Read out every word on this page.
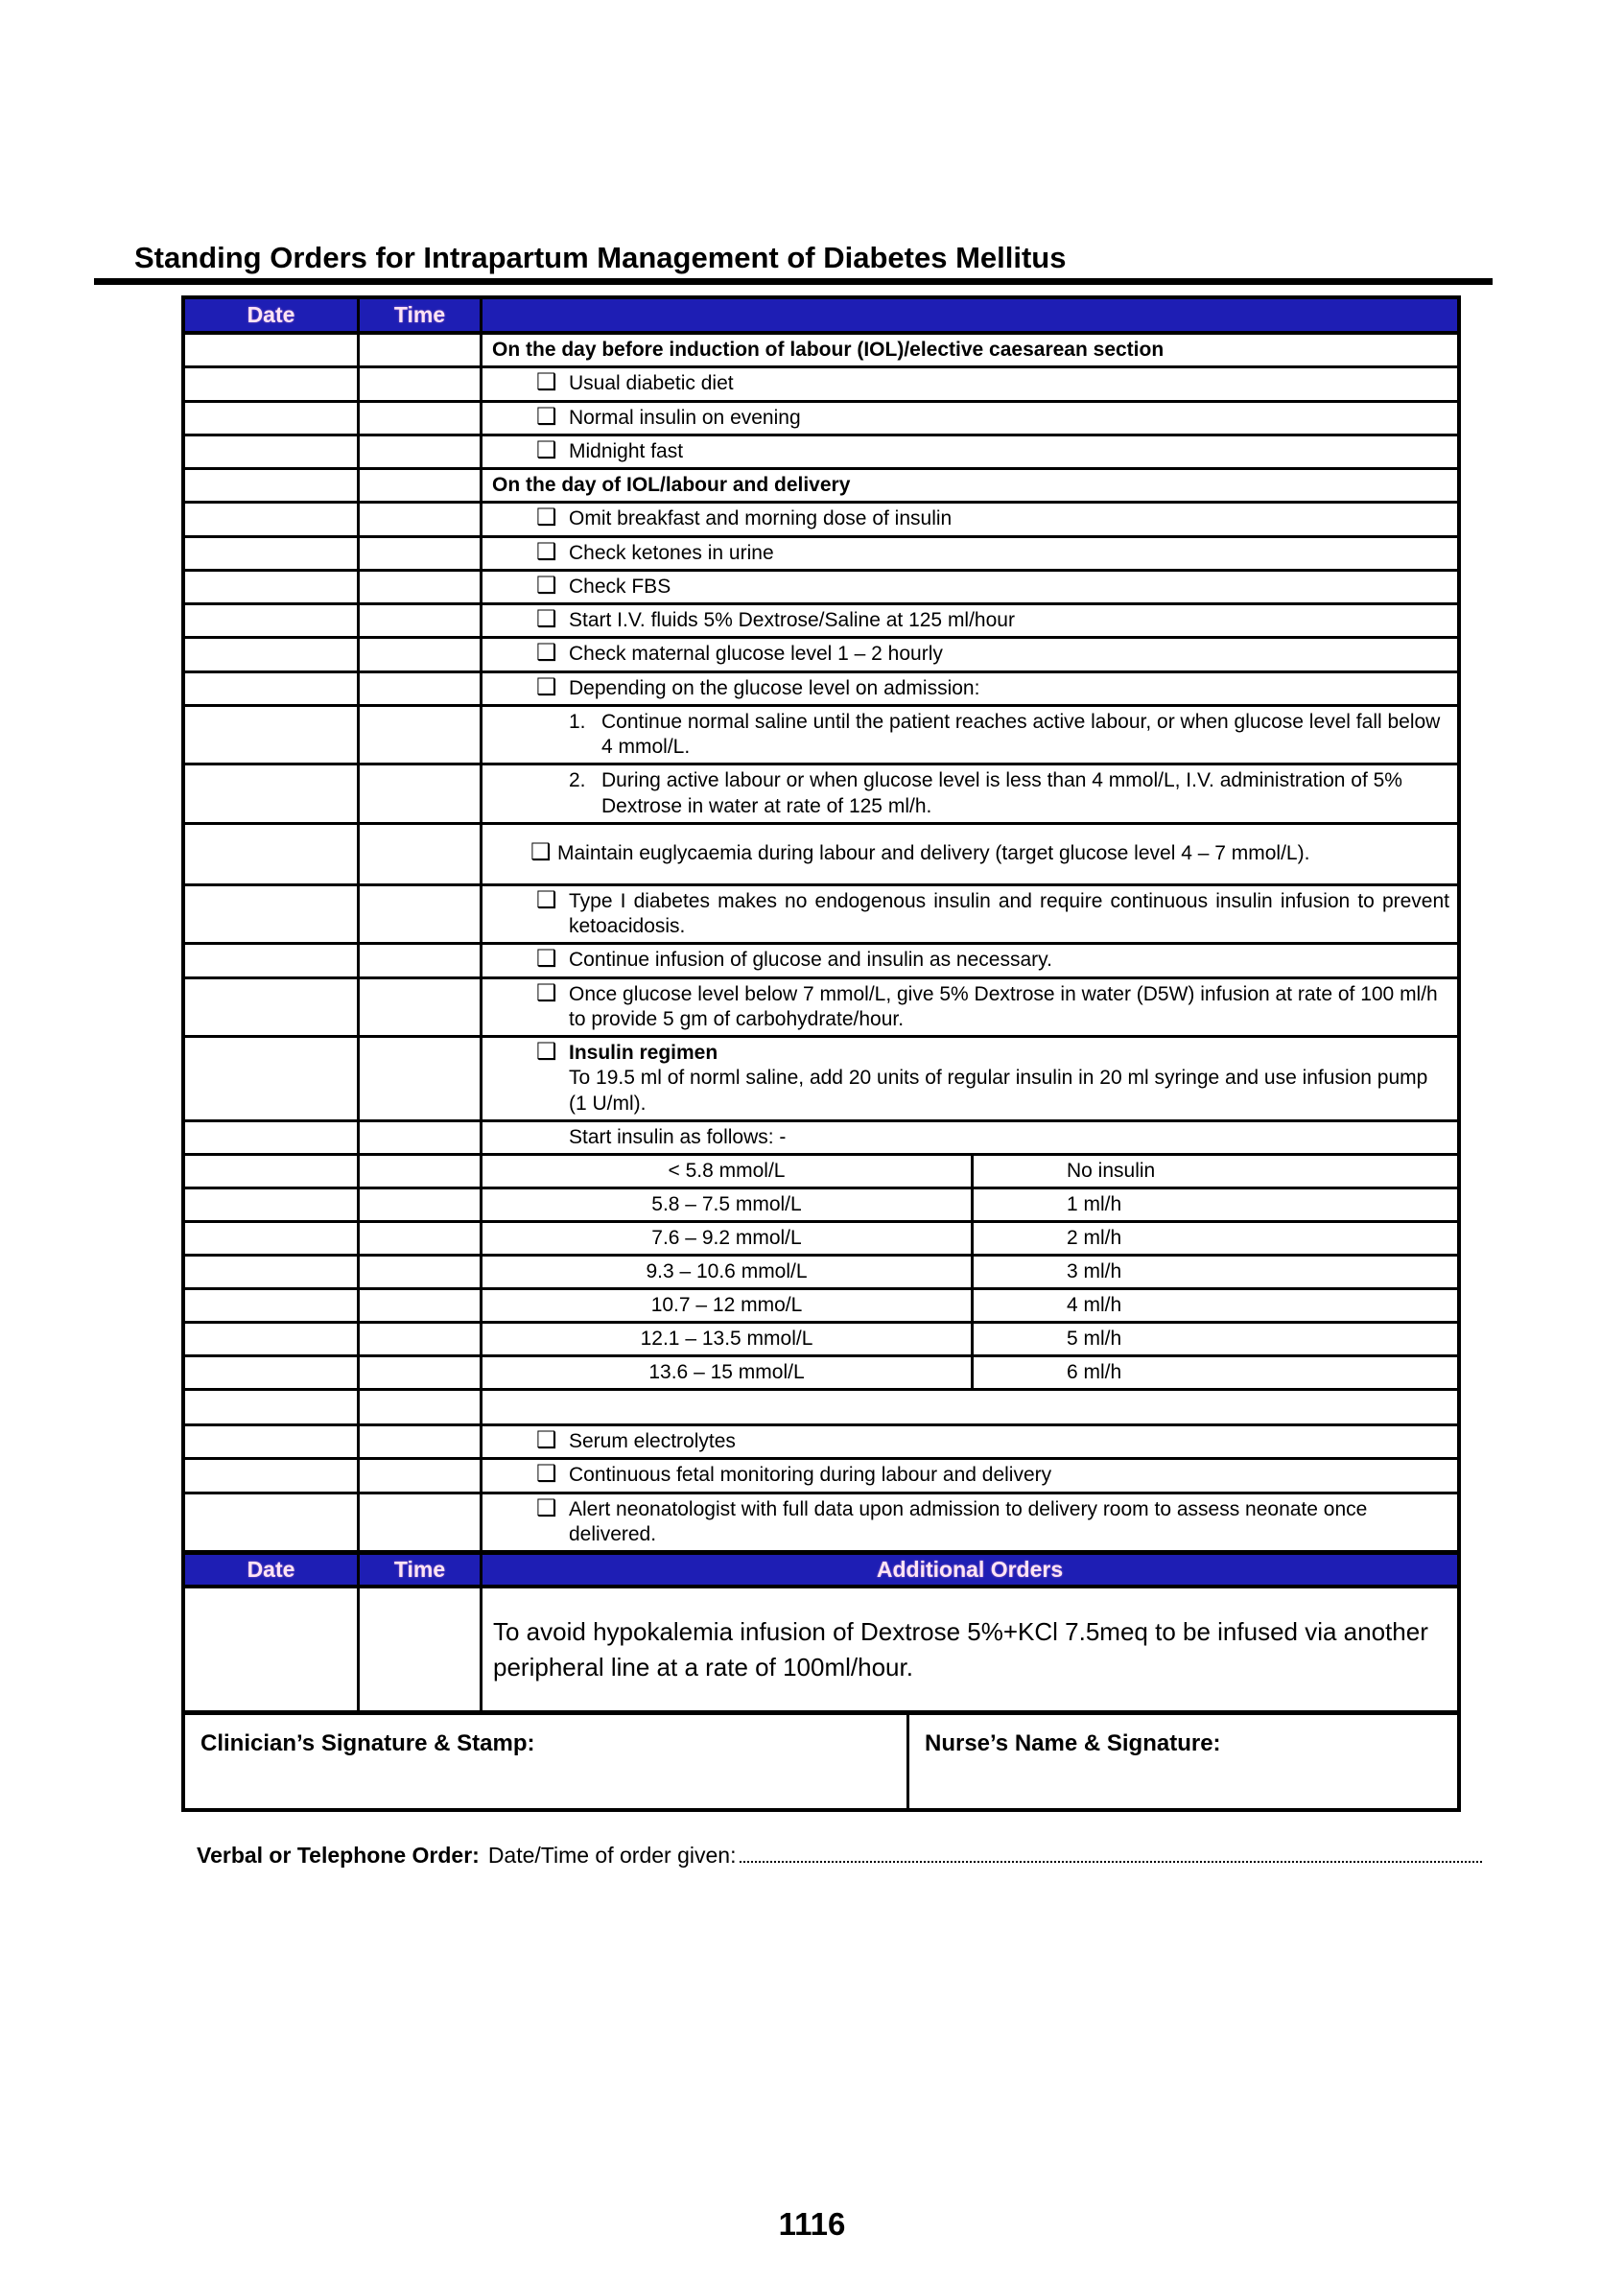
Standing Orders for Intrapartum Management of Diabetes Mellitus
Date	Time
On the day before induction of labour (IOL)/elective caesarean section
❑ Usual diabetic diet
❑ Normal insulin on evening
❑ Midnight fast
On the day of IOL/labour and delivery
❑ Omit breakfast and morning dose of insulin
❑ Check ketones in urine
❑ Check FBS
❑ Start I.V. fluids 5% Dextrose/Saline at 125 ml/hour
❑ Check maternal glucose level 1 – 2 hourly
❑ Depending on the glucose level on admission:
1. Continue normal saline until the patient reaches active labour, or when glucose level fall below 4 mmol/L.
2. During active labour or when glucose level is less than 4 mmol/L, I.V. administration of 5% Dextrose in water at rate of 125 ml/h.
❑ Maintain euglycaemia during labour and delivery (target glucose level 4 – 7 mmol/L).
❑ Type I diabetes makes no endogenous insulin and require continuous insulin infusion to prevent ketoacidosis.
❑ Continue infusion of glucose and insulin as necessary.
❑ Once glucose level below 7 mmol/L, give 5% Dextrose in water (D5W) infusion at rate of 100 ml/h to provide 5 gm of carbohydrate/hour.
❑ Insulin regimen
To 19.5 ml of norml saline, add 20 units of regular insulin in 20 ml syringe and use infusion pump (1 U/ml).
Start insulin as follows: -
< 5.8 mmol/L	No insulin
5.8 – 7.5 mmol/L	1 ml/h
7.6 – 9.2 mmol/L	2 ml/h
9.3 – 10.6 mmol/L	3 ml/h
10.7 – 12 mmo/L	4 ml/h
12.1 – 13.5 mmol/L	5 ml/h
13.6 – 15 mmol/L	6 ml/h
❑ Serum electrolytes
❑ Continuous fetal monitoring during labour and delivery
❑ Alert neonatologist with full data upon admission to delivery room to assess neonate once delivered.
Date	Time	Additional Orders
To avoid hypokalemia infusion of Dextrose 5%+KCl 7.5meq to be infused via another peripheral line at a rate of 100ml/hour.
Clinician’s Signature & Stamp:	Nurse’s Name & Signature:
Verbal or Telephone Order: Date/Time of order given:
1116
